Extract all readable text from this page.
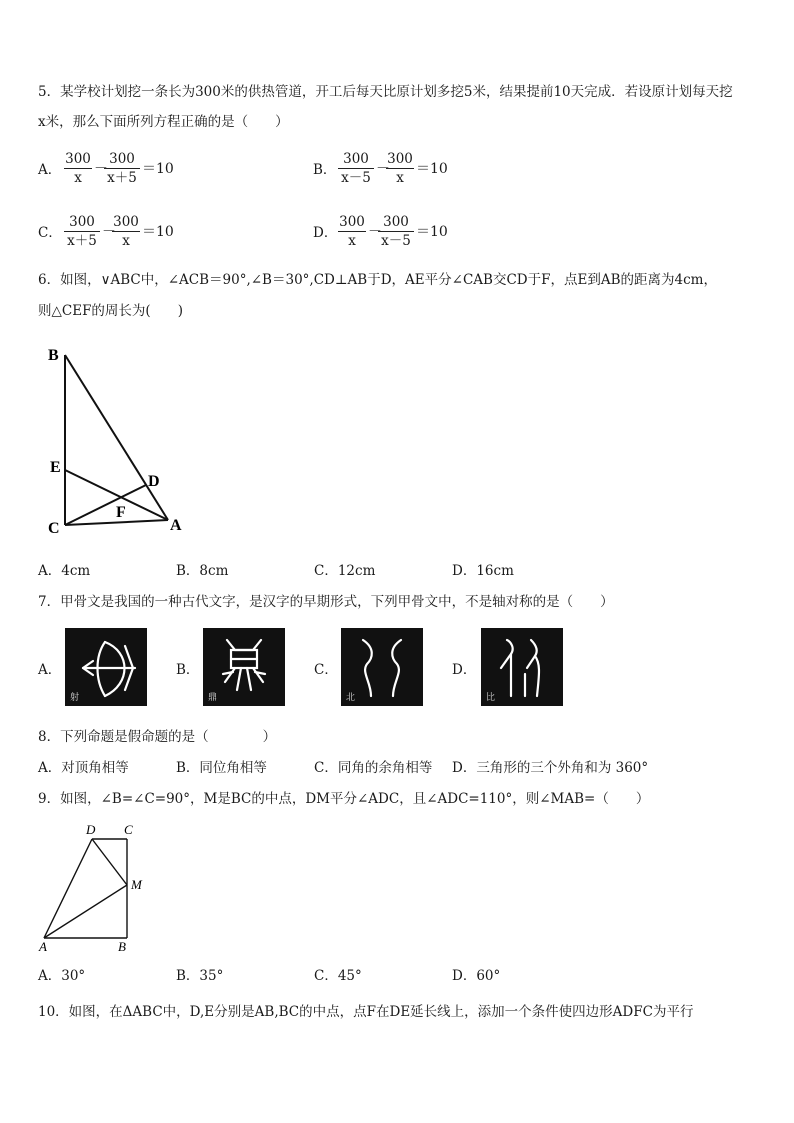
5．某学校计划挖一条长为300米的供热管道，开工后每天比原计划多挖5米，结果提前10天完成．若设原计划每天挖
x米，那么下面所列方程正确的是（　　）
A．
300
x
－
300
x＋5
＝10	B．
300
x－5
－
300
x
＝10
C．
300
x＋5
－
300
x
＝10	D．
300
x
－
300
x－5
＝10
6．如图，∨ABC中，∠ACB＝90°,∠B＝30°,CD⊥AB于D，AE平分∠CAB交CD于F，点E到AB的距离为4cm，
则△CEF的周长为(　　)
B
E
D
F
C	A
A．4cm	B．8cm	C．12cm	D．16cm
7．甲骨文是我国的一种古代文字，是汉字的早期形式，下列甲骨文中，不是轴对称的是（　　）
A．
射
B．
鼎
C．
北
D．
比
8．下列命题是假命题的是（　　　　）
A．对顶角相等	B．同位角相等	C．同角的余角相等 D．三角形的三个外角和为 360°
9．如图，∠B=∠C=90°，M是BC的中点，DM平分∠ADC，且∠ADC=110°，则∠MAB=（　　）
D C
M
A	B
A．30°	B．35°	C．45°	D．60°
10．如图，在ΔABC中，D,E分别是AB,BC的中点，点F在DE延长线上，添加一个条件使四边形ADFC为平行
